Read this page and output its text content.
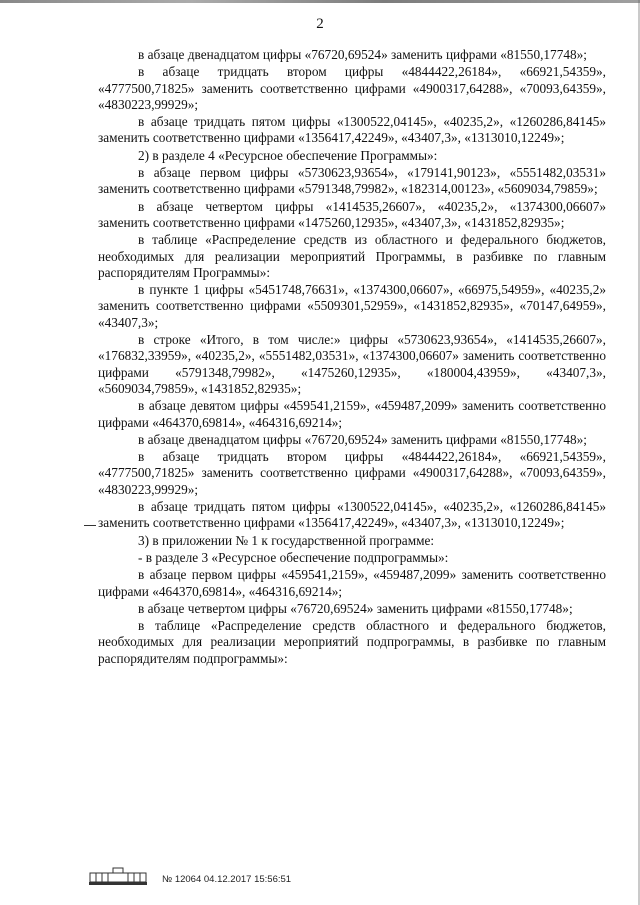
2

в абзаце двенадцатом цифры «76720,69524» заменить цифрами «81550,17748»;

в абзаце тридцать втором цифры «4844422,26184», «66921,54359», «4777500,71825» заменить соответственно цифрами «4900317,64288», «70093,64359», «4830223,99929»;

в абзаце тридцать пятом цифры «1300522,04145», «40235,2», «1260286,84145» заменить соответственно цифрами «1356417,42249», «43407,3», «1313010,12249»;

2) в разделе 4 «Ресурсное обеспечение Программы»:

в абзаце первом цифры «5730623,93654», «179141,90123», «5551482,03531» заменить соответственно цифрами «5791348,79982», «182314,00123», «5609034,79859»;

в абзаце четвертом цифры «1414535,26607», «40235,2», «1374300,06607» заменить соответственно цифрами «1475260,12935», «43407,3», «1431852,82935»;

в таблице «Распределение средств из областного и федерального бюджетов, необходимых для реализации мероприятий Программы, в разбивке по главным распорядителям Программы»:

в пункте 1 цифры «5451748,76631», «1374300,06607», «66975,54959», «40235,2» заменить соответственно цифрами «5509301,52959», «1431852,82935», «70147,64959», «43407,3»;

в строке «Итого, в том числе:» цифры «5730623,93654», «1414535,26607», «176832,33959», «40235,2», «5551482,03531», «1374300,06607» заменить соответственно цифрами «5791348,79982», «1475260,12935», «180004,43959», «43407,3», «5609034,79859», «1431852,82935»;

в абзаце девятом цифры «459541,2159», «459487,2099» заменить соответственно цифрами «464370,69814», «464316,69214»;

в абзаце двенадцатом цифры «76720,69524» заменить цифрами «81550,17748»;

в абзаце тридцать втором цифры «4844422,26184», «66921,54359», «4777500,71825» заменить соответственно цифрами «4900317,64288», «70093,64359», «4830223,99929»;

в абзаце тридцать пятом цифры «1300522,04145», «40235,2», «1260286,84145» заменить соответственно цифрами «1356417,42249», «43407,3», «1313010,12249»;

3) в приложении № 1 к государственной программе:

- в разделе 3 «Ресурсное обеспечение подпрограммы»:

в абзаце первом цифры «459541,2159», «459487,2099» заменить соответственно цифрами «464370,69814», «464316,69214»;

в абзаце четвертом цифры «76720,69524» заменить цифрами «81550,17748»;

в таблице «Распределение средств областного и федерального бюджетов, необходимых для реализации мероприятий подпрограммы, в разбивке по главным распорядителям подпрограммы»:

№ 12064 04.12.2017 15:56:51
